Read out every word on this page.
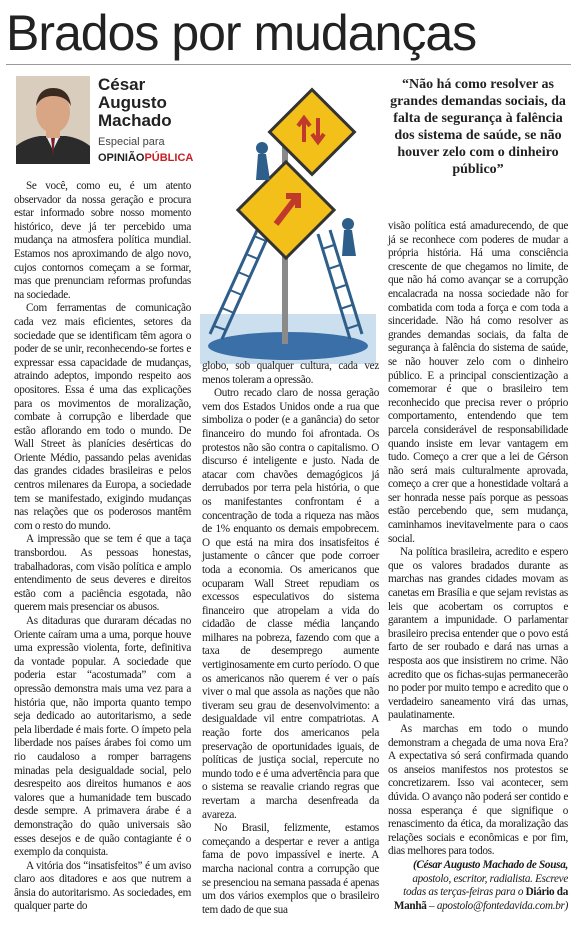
Brados por mudanças
César
Augusto
Machado
Especial para
OPINIÃOPÚBLICA
“Não há como resolver as grandes demandas sociais, da falta de segurança à falência dos sistema de saúde, se não houver zelo com o dinheiro público”

Se você, como eu, é um atento observador da nossa geração e procura estar informado sobre nosso momento histórico, deve já ter percebido uma mudança na atmosfera política mundial. Estamos nos aproximando de algo novo, cujos contornos começam a se formar, mas que prenunciam reformas profundas na sociedade.

Com ferramentas de comunicação cada vez mais eficientes, setores da sociedade que se identificam têm agora o poder de se unir, reconhecendo-se fortes e expressar essa capacidade de mudanças, atraindo adeptos, impondo respeito aos opositores. Essa é uma das explicações para os movimentos de moralização, combate à corrupção e liberdade que estão aflorando em todo o mundo. De Wall Street às planícies desérticas do Oriente Médio, passando pelas avenidas das grandes cidades brasileiras e pelos centros milenares da Europa, a sociedade tem se manifestado, exigindo mudanças nas relações que os poderosos mantêm com o resto do mundo.

A impressão que se tem é que a taça transbordou. As pessoas honestas, trabalhadoras, com visão política e amplo entendimento de seus deveres e direitos estão com a paciência esgotada, não querem mais presenciar os abusos.

As ditaduras que duraram décadas no Oriente caíram uma a uma, porque houve uma expressão violenta, forte, definitiva da vontade popular. A sociedade que poderia estar “acostumada” com a opressão demonstra mais uma vez para a história que, não importa quanto tempo seja dedicado ao autoritarismo, a sede pela liberdade é mais forte. O ímpeto pela liberdade nos países árabes foi como um rio caudaloso a romper barragens minadas pela desigualdade social, pelo desrespeito aos direitos humanos e aos valores que a humanidade tem buscado desde sempre. A primavera árabe é a demonstração do quão universais são esses desejos e de quão contagiante é o exemplo da conquista.

A vitória dos “insatisfeitos” é um aviso claro aos ditadores e aos que nutrem a ânsia do autoritarismo. As sociedades, em qualquer parte do

globo, sob qualquer cultura, cada vez menos toleram a opressão.

Outro recado claro de nossa geração vem dos Estados Unidos onde a rua que simboliza o poder (e a ganância) do setor financeiro do mundo foi afrontada. Os protestos não são contra o capitalismo. O discurso é inteligente e justo. Nada de atacar com chavões demagógicos já derrubados por terra pela história, o que os manifestantes confrontam é a concentração de toda a riqueza nas mãos de 1% enquanto os demais empobrecem. O que está na mira dos insatisfeitos é justamente o câncer que pode corroer toda a economia. Os americanos que ocuparam Wall Street repudiam os excessos especulativos do sistema financeiro que atropelam a vida do cidadão de classe média lançando milhares na pobreza, fazendo com que a taxa de desemprego aumente vertiginosamente em curto período. O que os americanos não querem é ver o país viver o mal que assola as nações que não tiveram seu grau de desenvolvimento: a desigualdade vil entre compatriotas. A reação forte dos americanos pela preservação de oportunidades iguais, de políticas de justiça social, repercute no mundo todo e é uma advertência para que o sistema se reavalie criando regras que revertam a marcha desenfreada da avareza.

No Brasil, felizmente, estamos começando a despertar e rever a antiga fama de povo impassível e inerte. A marcha nacional contra a corrupção que se presenciou na semana passada é apenas um dos vários exemplos que o brasileiro tem dado de que sua

visão política está amadurecendo, de que já se reconhece com poderes de mudar a própria história. Há uma consciência crescente de que chegamos no limite, de que não há como avançar se a corrupção encalacrada na nossa sociedade não for combatida com toda a força e com toda a sinceridade. Não há como resolver as grandes demandas sociais, da falta de segurança à falência do sistema de saúde, se não houver zelo com o dinheiro público. E a principal conscientização a comemorar é que o brasileiro tem reconhecido que precisa rever o próprio comportamento, entendendo que tem parcela considerável de responsabilidade quando insiste em levar vantagem em tudo. Começo a crer que a lei de Gérson não será mais culturalmente aprovada, começo a crer que a honestidade voltará a ser honrada nesse país porque as pessoas estão percebendo que, sem mudança, caminhamos inevitavelmente para o caos social.

Na política brasileira, acredito e espero que os valores bradados durante as marchas nas grandes cidades movam as canetas em Brasília e que sejam revistas as leis que acobertam os corruptos e garantem a impunidade. O parlamentar brasileiro precisa entender que o povo está farto de ser roubado e dará nas urnas a resposta aos que insistirem no crime. Não acredito que os fichas-sujas permanecerão no poder por muito tempo e acredito que o verdadeiro saneamento virá das urnas, paulatinamente.

As marchas em todo o mundo demonstram a chegada de uma nova Era? A expectativa só será confirmada quando os anseios manifestos nos protestos se concretizarem. Isso vai acontecer, sem dúvida. O avanço não poderá ser contido e nossa esperança é que signifique o renascimento da ética, da moralização das relações sociais e econômicas e por fim, dias melhores para todos.

(César Augusto Machado de Sousa, apostolo, escritor, radialista. Escreve todas as terças-feiras para o Diário da Manhã – apostolo@fontedavida.com.br)
